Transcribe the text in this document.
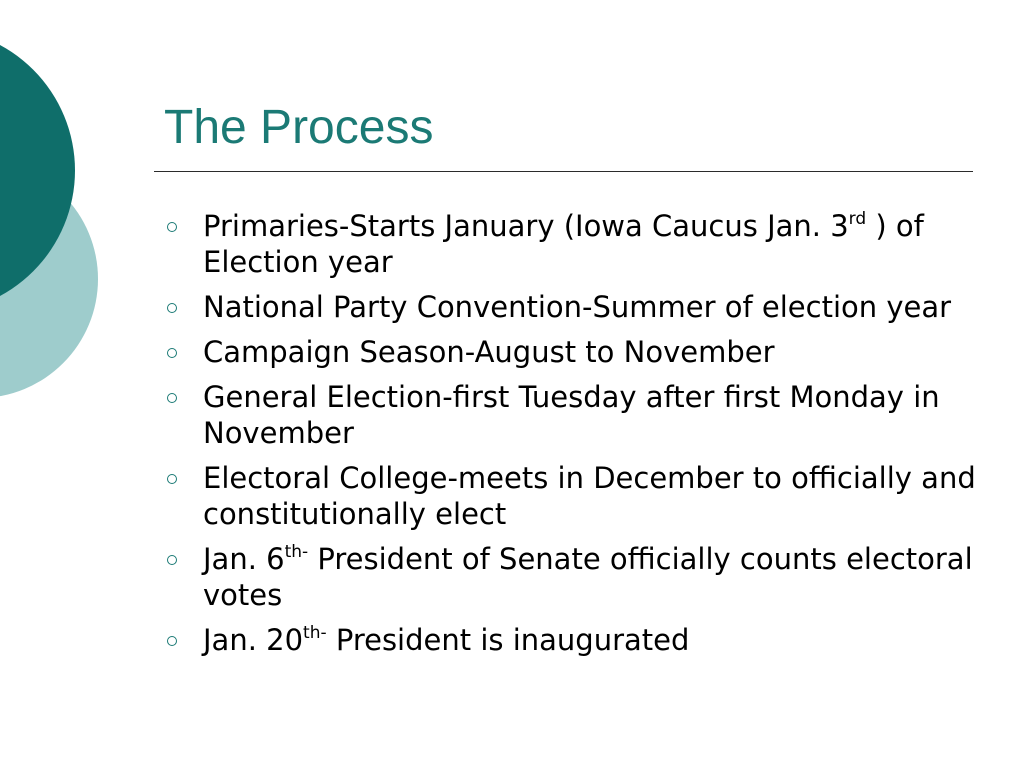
The Process
Primaries-Starts January (Iowa Caucus Jan. 3rd ) of Election year
National Party Convention-Summer of election year
Campaign Season-August to November
General Election-first Tuesday after first Monday in November
Electoral College-meets in December to officially and constitutionally elect
Jan. $6^{th-}$ President of Senate officially counts electoral votes
Jan. $20^{th-}$ President is inaugurated
